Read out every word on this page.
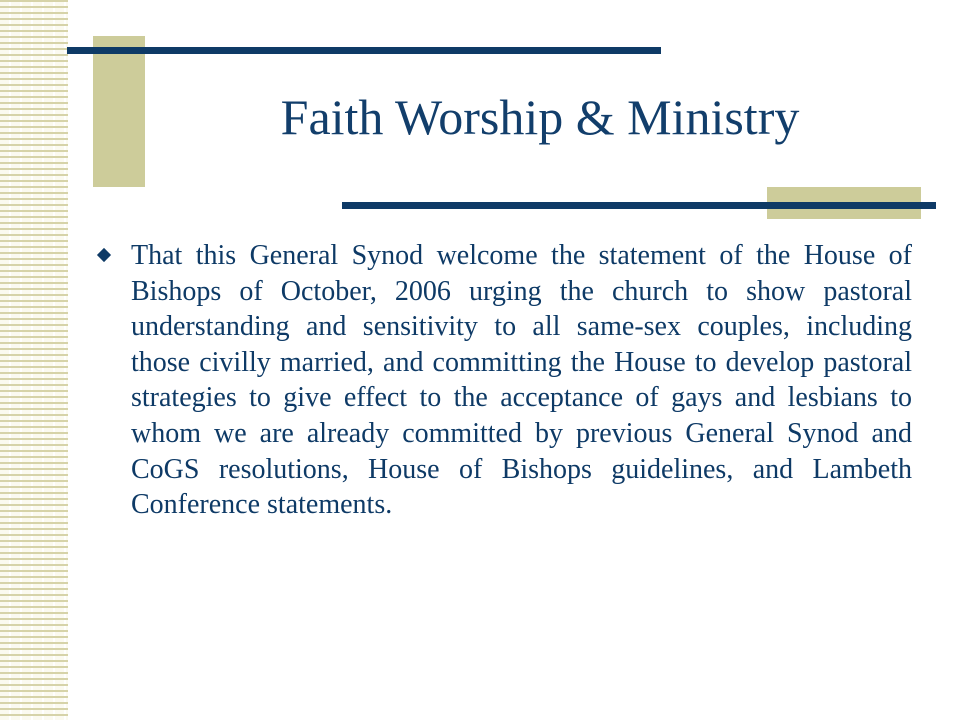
Faith Worship & Ministry

That this General Synod welcome the statement of the House of Bishops of October, 2006 urging the church to show pastoral understanding and sensitivity to all same-sex couples, including those civilly married, and committing the House to develop pastoral strategies to give effect to the acceptance of gays and lesbians to whom we are already committed by previous General Synod and CoGS resolutions, House of Bishops guidelines, and Lambeth Conference statements.
